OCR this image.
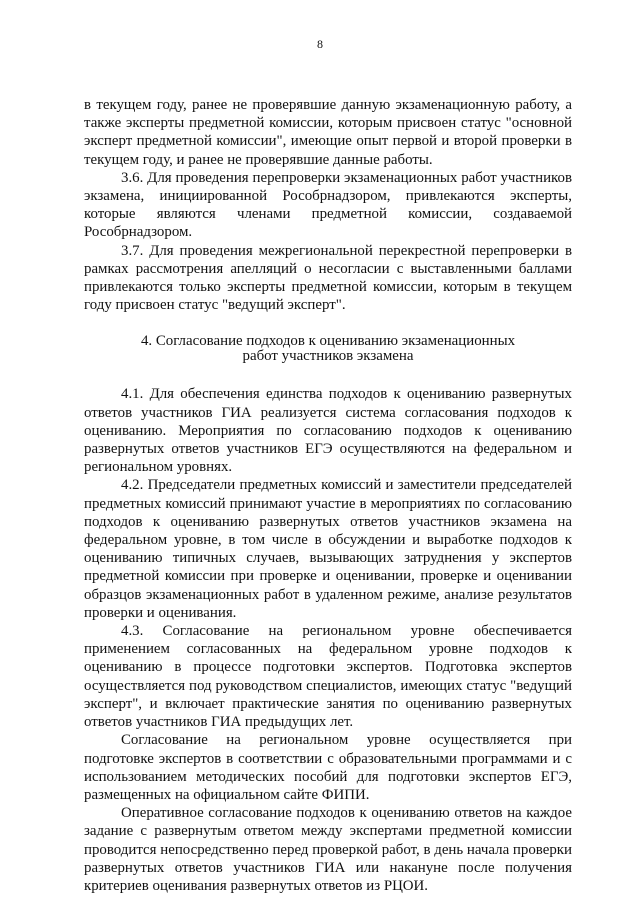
8

в текущем году, ранее не проверявшие данную экзаменационную работу, а также эксперты предметной комиссии, которым присвоен статус "основной эксперт предметной комиссии", имеющие опыт первой и второй проверки в текущем году, и ранее не проверявшие данные работы.

3.6. Для проведения перепроверки экзаменационных работ участников экзамена, инициированной Рособрнадзором, привлекаются эксперты, которые являются членами предметной комиссии, создаваемой Рособрнадзором.

3.7. Для проведения межрегиональной перекрестной перепроверки в рамках рассмотрения апелляций о несогласии с выставленными баллами привлекаются только эксперты предметной комиссии, которым в текущем году присвоен статус "ведущий эксперт".

4. Согласование подходов к оцениванию экзаменационных
работ участников экзамена

4.1. Для обеспечения единства подходов к оцениванию развернутых ответов участников ГИА реализуется система согласования подходов к оцениванию. Мероприятия по согласованию подходов к оцениванию развернутых ответов участников ЕГЭ осуществляются на федеральном и региональном уровнях.

4.2. Председатели предметных комиссий и заместители председателей предметных комиссий принимают участие в мероприятиях по согласованию подходов к оцениванию развернутых ответов участников экзамена на федеральном уровне, в том числе в обсуждении и выработке подходов к оцениванию типичных случаев, вызывающих затруднения у экспертов предметной комиссии при проверке и оценивании, проверке и оценивании образцов экзаменационных работ в удаленном режиме, анализе результатов проверки и оценивания.

4.3. Согласование на региональном уровне обеспечивается применением согласованных на федеральном уровне подходов к оцениванию в процессе подготовки экспертов. Подготовка экспертов осуществляется под руководством специалистов, имеющих статус "ведущий эксперт", и включает практические занятия по оцениванию развернутых ответов участников ГИА предыдущих лет.

Согласование на региональном уровне осуществляется при подготовке экспертов в соответствии с образовательными программами и с использованием методических пособий для подготовки экспертов ЕГЭ, размещенных на официальном сайте ФИПИ.

Оперативное согласование подходов к оцениванию ответов на каждое задание с развернутым ответом между экспертами предметной комиссии проводится непосредственно перед проверкой работ, в день начала проверки развернутых ответов участников ГИА или накануне после получения критериев оценивания развернутых ответов из РЦОИ.
